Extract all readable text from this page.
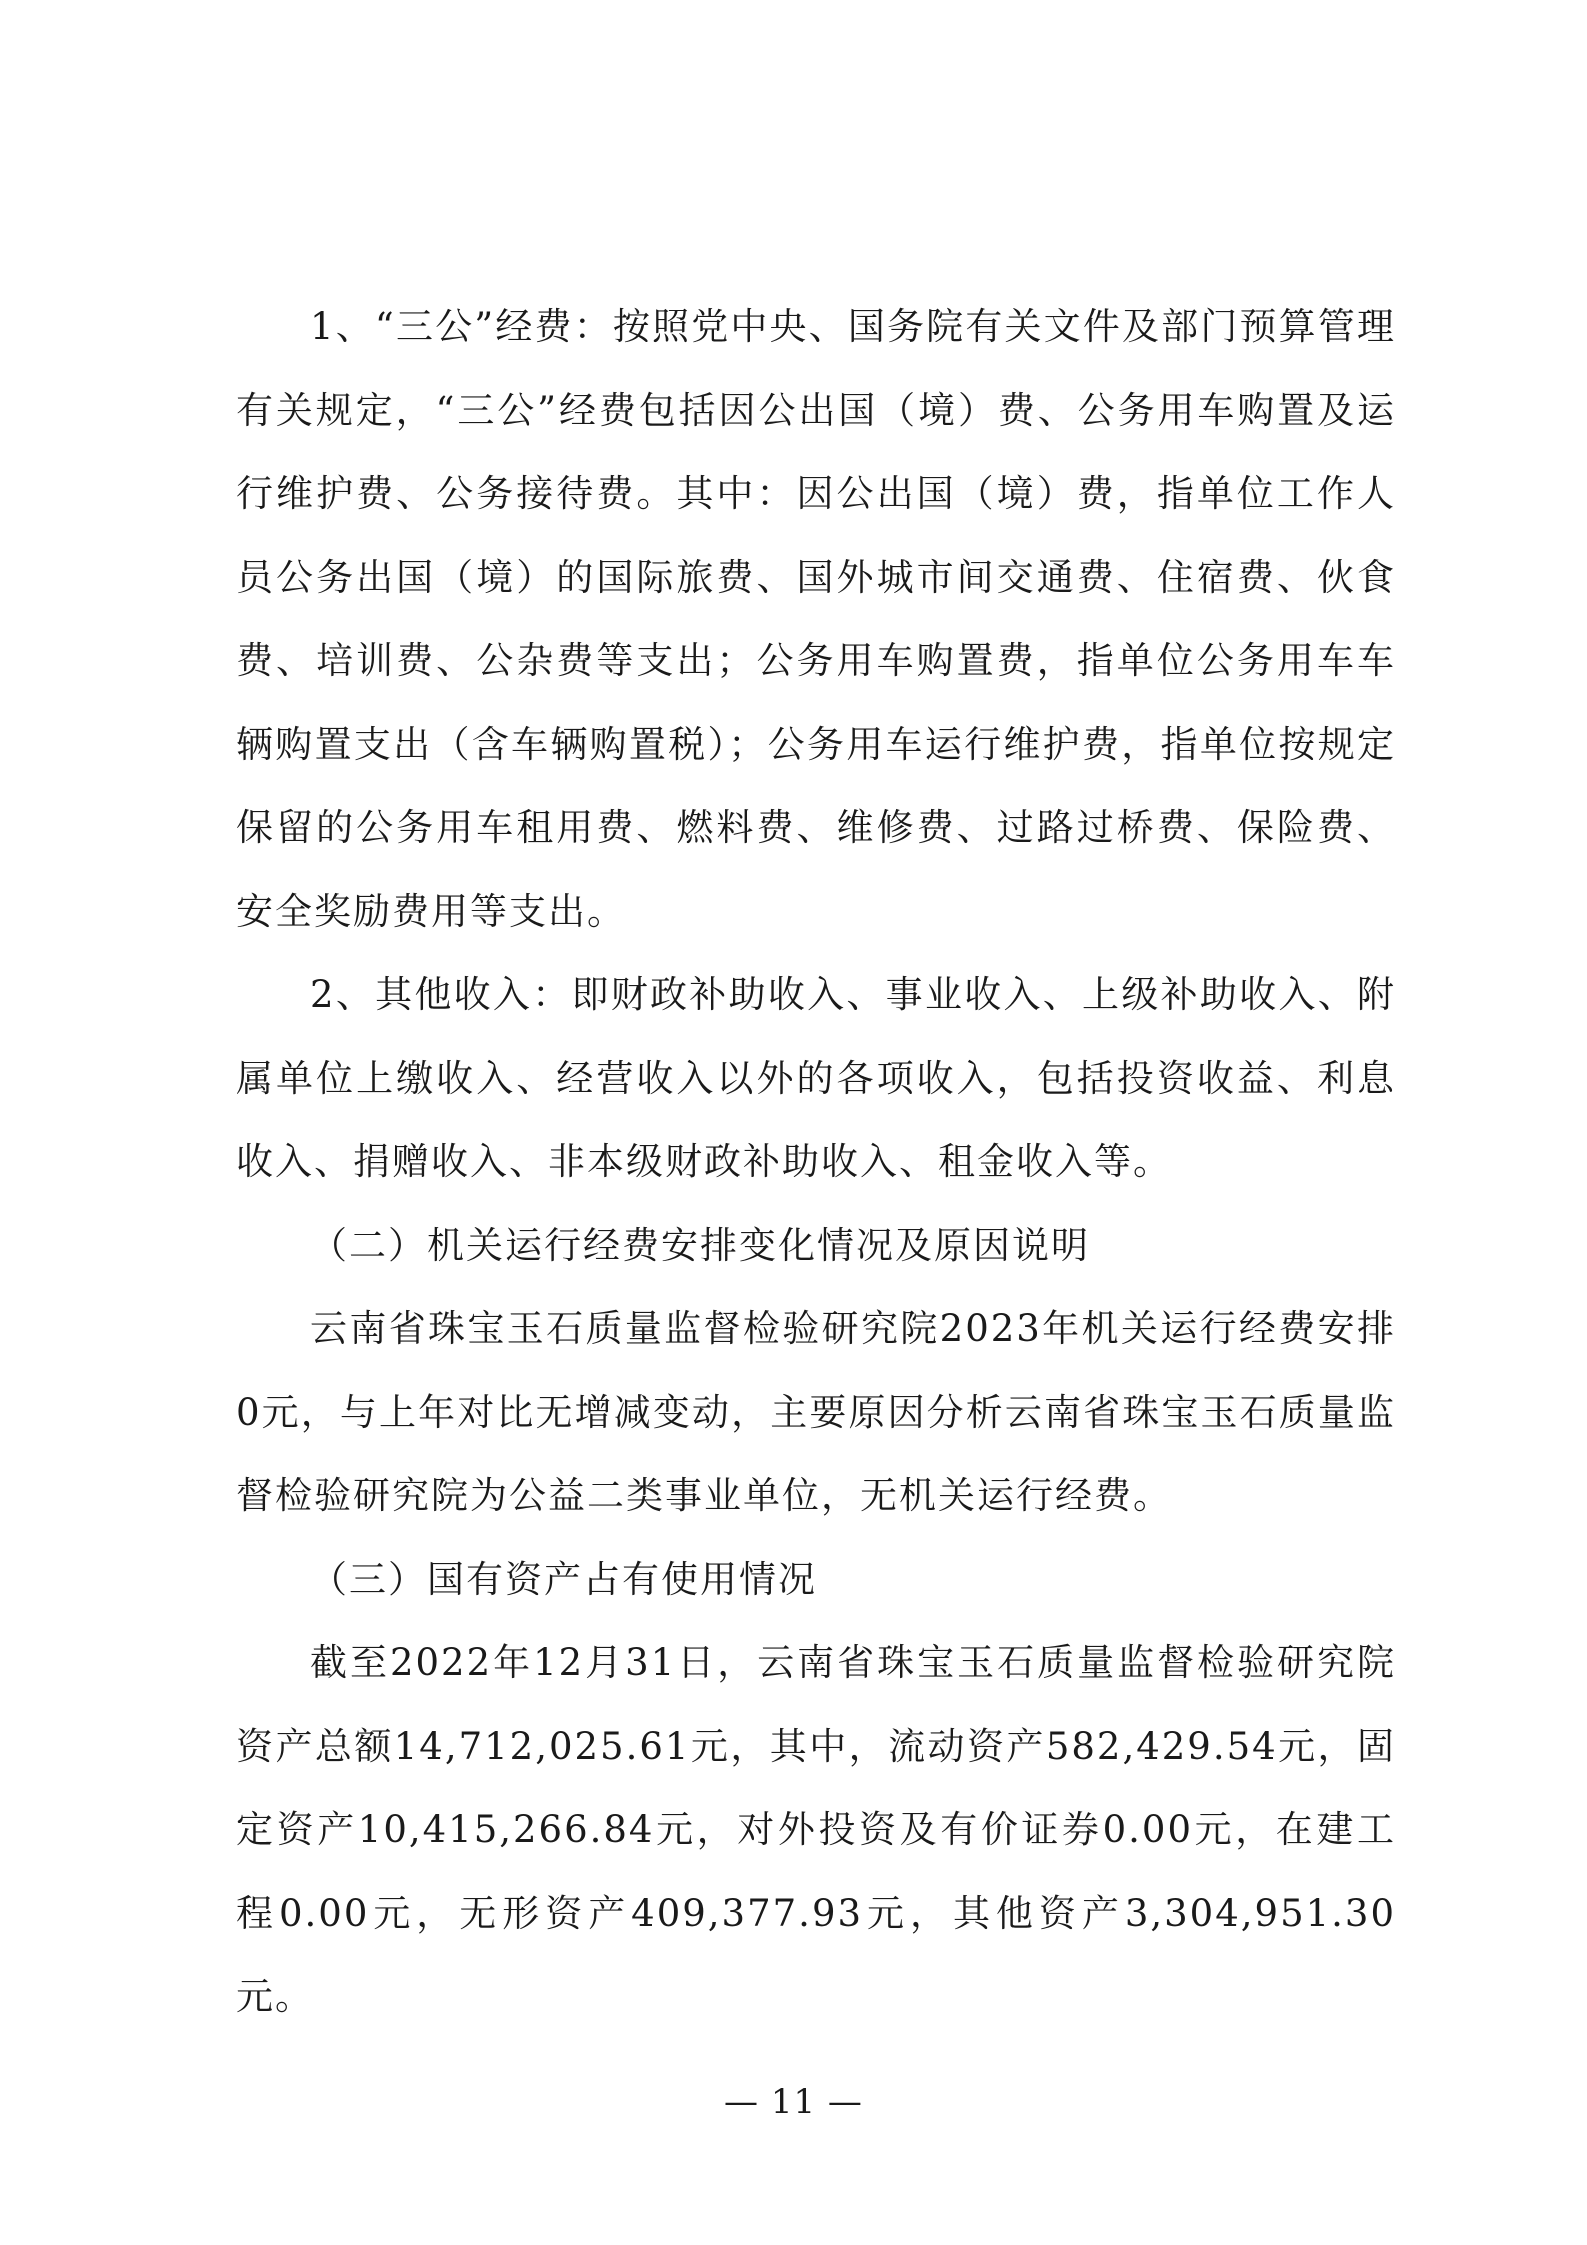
1、“三公”经费：按照党中央、国务院有关文件及部门预算管理有关规定，“三公”经费包括因公出国（境）费、公务用车购置及运行维护费、公务接待费。其中：因公出国（境）费，指单位工作人员公务出国（境）的国际旅费、国外城市间交通费、住宿费、伙食费、培训费、公杂费等支出；公务用车购置费，指单位公务用车车辆购置支出（含车辆购置税）；公务用车运行维护费，指单位按规定保留的公务用车租用费、燃料费、维修费、过路过桥费、保险费、安全奖励费用等支出。

2、其他收入：即财政补助收入、事业收入、上级补助收入、附属单位上缴收入、经营收入以外的各项收入，包括投资收益、利息收入、捐赠收入、非本级财政补助收入、租金收入等。

（二）机关运行经费安排变化情况及原因说明

云南省珠宝玉石质量监督检验研究院2023年机关运行经费安排0元，与上年对比无增减变动，主要原因分析云南省珠宝玉石质量监督检验研究院为公益二类事业单位，无机关运行经费。

（三）国有资产占有使用情况

截至2022年12月31日，云南省珠宝玉石质量监督检验研究院资产总额14,712,025.61元，其中，流动资产582,429.54元，固定资产10,415,266.84元，对外投资及有价证券0.00元，在建工程0.00元，无形资产409,377.93元，其他资产3,304,951.30元。

— 11 —
